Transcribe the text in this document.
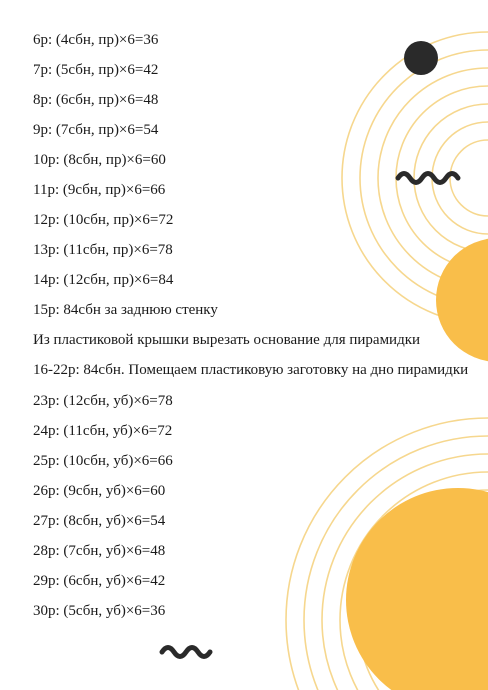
6р: (4сбн, пр)×6=36
7р: (5сбн, пр)×6=42
8р: (6сбн, пр)×6=48
9р: (7сбн, пр)×6=54
10р: (8сбн, пр)×6=60
11р: (9сбн, пр)×6=66
12р: (10сбн, пр)×6=72
13р: (11сбн, пр)×6=78
14р: (12сбн, пр)×6=84
15р: 84сбн за заднюю стенку
Из пластиковой крышки вырезать основание для пирамидки
16-22р: 84сбн. Помещаем пластиковую заготовку на дно пирамидки
23р: (12сбн, уб)×6=78
24р: (11сбн, уб)×6=72
25р: (10сбн, уб)×6=66
26р: (9сбн, уб)×6=60
27р: (8сбн, уб)×6=54
28р: (7сбн, уб)×6=48
29р: (6сбн, уб)×6=42
30р: (5сбн, уб)×6=36
